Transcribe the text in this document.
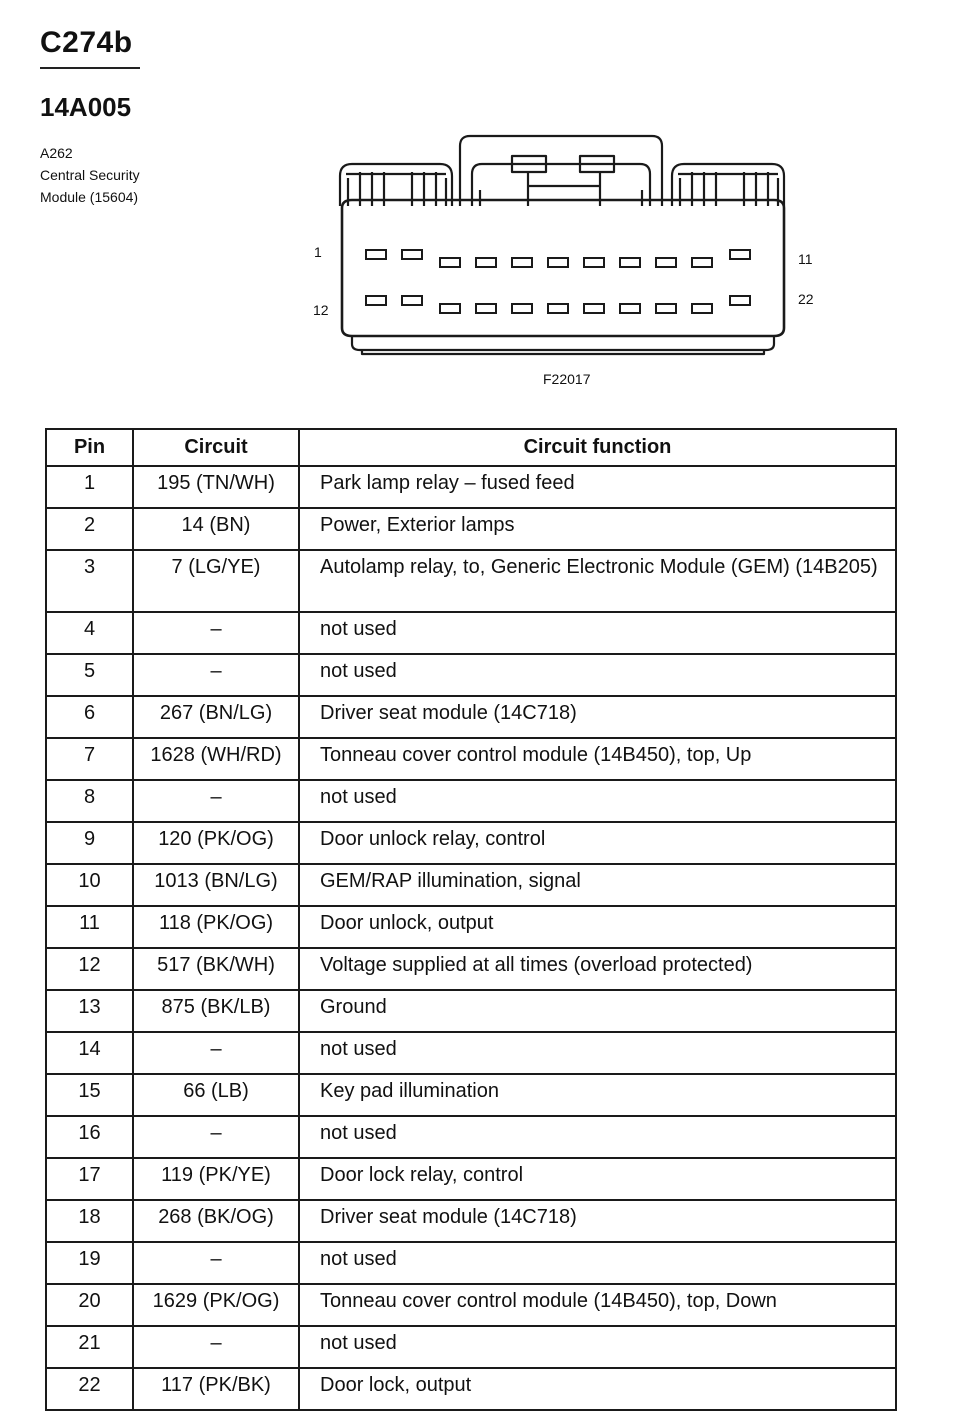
C274b
14A005
A262
Central Security
Module (15604)
1	11
12
22
F22017
Pin	Circuit	Circuit function
1	195 (TN/WH)	Park lamp relay – fused feed
2	14 (BN)	Power, Exterior lamps
3	7 (LG/YE)	Autolamp relay, to, Generic Electronic Module (GEM) (14B205)
4	–	not used
5	–	not used
6	267 (BN/LG)	Driver seat module (14C718)
7	1628 (WH/RD)	Tonneau cover control module (14B450), top, Up
8	–	not used
9	120 (PK/OG)	Door unlock relay, control
10	1013 (BN/LG)	GEM/RAP illumination, signal
11	118 (PK/OG)	Door unlock, output
12	517 (BK/WH)	Voltage supplied at all times (overload protected)
13	875 (BK/LB)	Ground
14	–	not used
15	66 (LB)	Key pad illumination
16	–	not used
17	119 (PK/YE)	Door lock relay, control
18	268 (BK/OG)	Driver seat module (14C718)
19	–	not used
20	1629 (PK/OG)	Tonneau cover control module (14B450), top, Down
21	–	not used
22	117 (PK/BK)	Door lock, output
